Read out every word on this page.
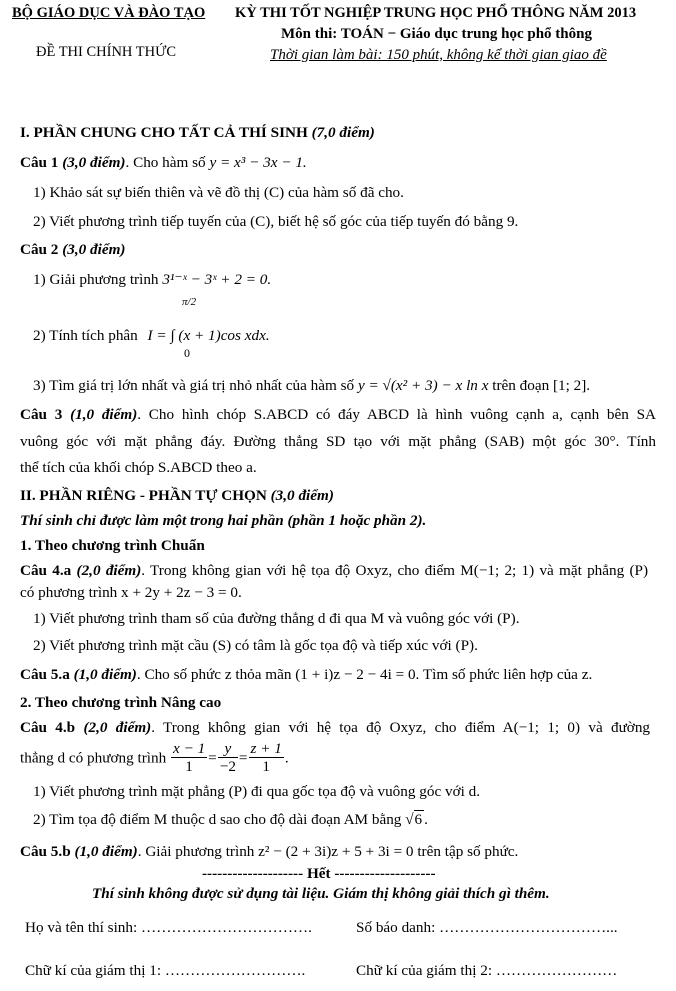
BỘ GIÁO DỤC VÀ ĐÀO TẠO
ĐỀ THI CHÍNH THỨC
KỲ THI TỐT NGHIỆP TRUNG HỌC PHỔ THÔNG NĂM 2013
Môn thi: TOÁN − Giáo dục trung học phổ thông
Thời gian làm bài: 150 phút, không kể thời gian giao đề
I. PHẦN CHUNG CHO TẤT CẢ THÍ SINH (7,0 điểm)
Câu 1 (3,0 điểm). Cho hàm số y = x³ − 3x − 1.
1) Khảo sát sự biến thiên và vẽ đồ thị (C) của hàm số đã cho.
2) Viết phương trình tiếp tuyến của (C), biết hệ số góc của tiếp tuyến đó bằng 9.
Câu 2 (3,0 điểm)
1) Giải phương trình 3¹⁻ˣ − 3ˣ + 2 = 0.
2) Tính tích phân I = ∫ (x + 1)cos xdx.
π/2
0
3) Tìm giá trị lớn nhất và giá trị nhỏ nhất của hàm số y = √(x² + 3) − x ln x trên đoạn [1; 2].
Câu 3 (1,0 điểm). Cho hình chóp S.ABCD có đáy ABCD là hình vuông cạnh a, cạnh bên SA
vuông góc với mặt phẳng đáy. Đường thẳng SD tạo với mặt phẳng (SAB) một góc 30°. Tính
thể tích của khối chóp S.ABCD theo a.
II. PHẦN RIÊNG - PHẦN TỰ CHỌN (3,0 điểm)
Thí sinh chỉ được làm một trong hai phần (phần 1 hoặc phần 2).
1. Theo chương trình Chuẩn
Câu 4.a (2,0 điểm). Trong không gian với hệ tọa độ Oxyz, cho điểm M(−1; 2; 1) và mặt phẳng (P)
có phương trình x + 2y + 2z − 3 = 0.
1) Viết phương trình tham số của đường thẳng d đi qua M và vuông góc với (P).
2) Viết phương trình mặt cầu (S) có tâm là gốc tọa độ và tiếp xúc với (P).
Câu 5.a (1,0 điểm). Cho số phức z thỏa mãn (1 + i)z − 2 − 4i = 0. Tìm số phức liên hợp của z.
2. Theo chương trình Nâng cao
Câu 4.b (2,0 điểm). Trong không gian với hệ tọa độ Oxyz, cho điểm A(−1; 1; 0) và đường
thẳng d có phương trình $\frac{x - 1}{1} = \frac{y}{-2} = \frac{z + 1}{1}$ .
1) Viết phương trình mặt phẳng (P) đi qua gốc tọa độ và vuông góc với d.
2) Tìm tọa độ điểm M thuộc d sao cho độ dài đoạn AM bằng √6 .
Câu 5.b (1,0 điểm). Giải phương trình z² − (2 + 3i)z + 5 + 3i = 0 trên tập số phức.
-------------------- Hết --------------------
Thí sinh không được sử dụng tài liệu. Giám thị không giải thích gì thêm.
Họ và tên thí sinh: …………………………….	Số báo danh: ……………………………...
Chữ kí của giám thị 1: ……………………….	Chữ kí của giám thị 2: ……………………
